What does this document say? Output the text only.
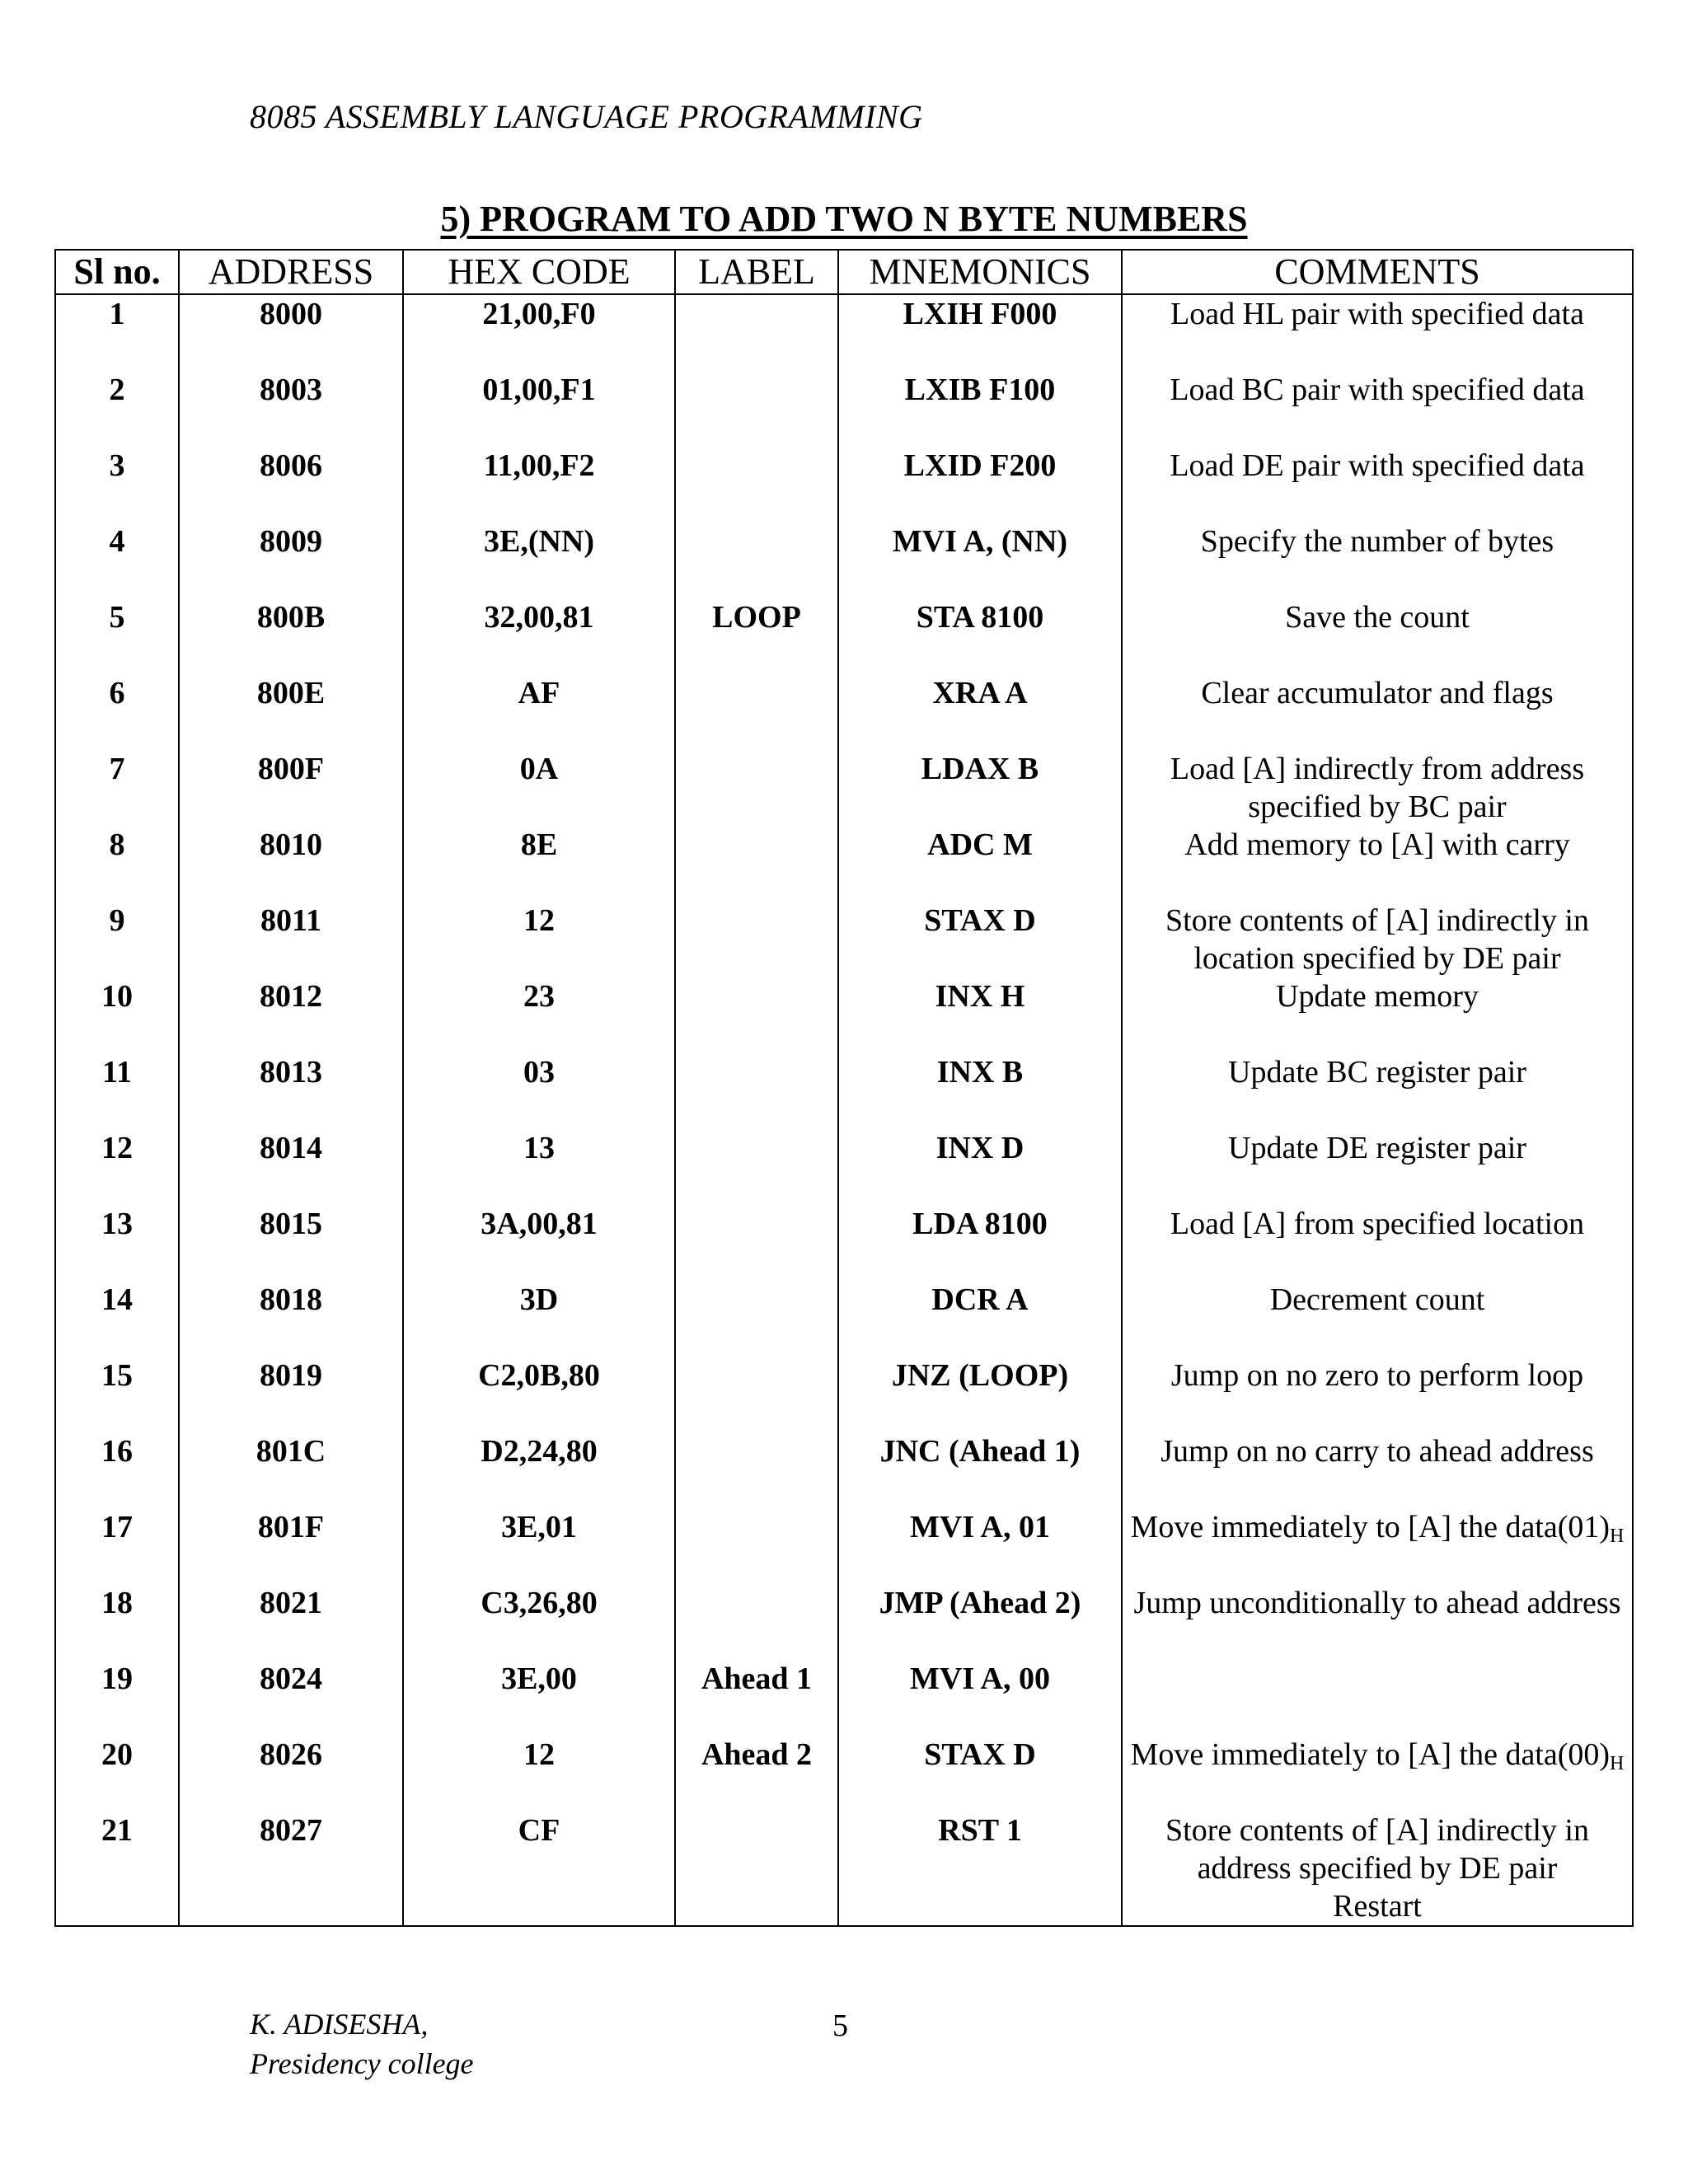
8085 ASSEMBLY LANGUAGE PROGRAMMING
5) PROGRAM TO ADD TWO N BYTE NUMBERS
Sl no.	ADDRESS	HEX CODE	LABEL	MNEMONICS	COMMENTS
1	8000	21,00,F0		LXIH F000	Load HL pair with specified data
2	8003	01,00,F1		LXIB F100	Load BC pair with specified data
3	8006	11,00,F2		LXID F200	Load DE pair with specified data
4	8009	3E,(NN)		MVI A, (NN)	Specify the number of bytes
5	800B	32,00,81	LOOP	STA 8100	Save the count
6	800E	AF		XRA A	Clear accumulator and flags
7	800F	0A		LDAX B	Load [A] indirectly from address specified by BC pair
8	8010	8E		ADC M	Add memory to [A] with carry
9	8011	12		STAX D	Store contents of [A] indirectly in location specified by DE pair
10	8012	23		INX H	Update memory
11	8013	03		INX B	Update BC register pair
12	8014	13		INX D	Update DE register pair
13	8015	3A,00,81		LDA 8100	Load [A] from specified location
14	8018	3D		DCR A	Decrement count
15	8019	C2,0B,80		JNZ (LOOP)	Jump on no zero to perform loop
16	801C	D2,24,80		JNC (Ahead 1)	Jump on no carry to ahead address
17	801F	3E,01		MVI A, 01	Move immediately to [A] the $data(01)_H$
18	8021	C3,26,80		JMP (Ahead 2)	Jump unconditionally to ahead address
19	8024	3E,00	Ahead 1	MVI A, 00	
20	8026	12	Ahead 2	STAX D	Move immediately to [A] the $data(00)_H$
21	8027	CF		RST 1	Store contents of [A] indirectly in address specified by DE pair
Restart
K. ADISESHA,
Presidency college
5
